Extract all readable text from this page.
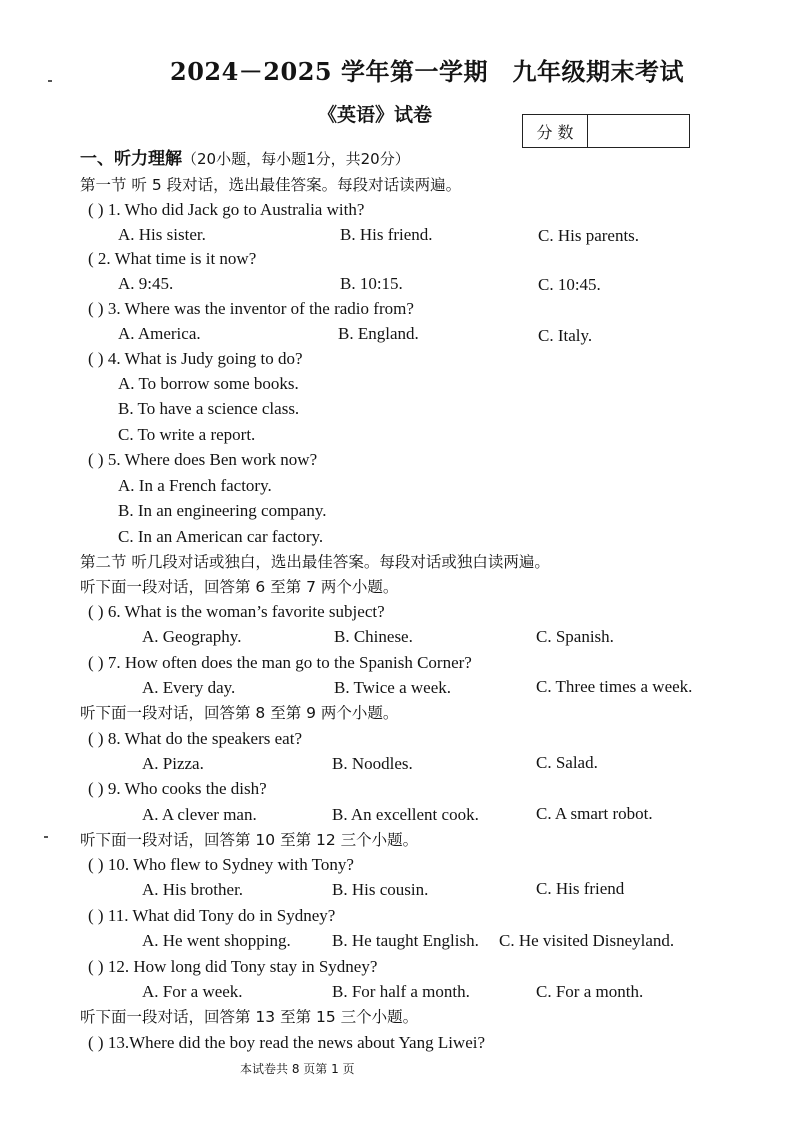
2024－2025 学年第一学期　九年级期末考试
《英语》试卷
分 数
一、听力理解（20小题，每小题1分，共20分）
第一节 听 5 段对话，选出最佳答案。每段对话读两遍。
( ) 1. Who did Jack go to Australia with?
A. His sister.	B. His friend.	C. His parents.
( 2. What time is it now?
A. 9:45.	B. 10:15.	C. 10:45.
( ) 3. Where was the inventor of the radio from?
A. America.	B. England.	C. Italy.
( ) 4. What is Judy going to do?
A. To borrow some books.
B. To have a science class.
C. To write a report.
( ) 5. Where does Ben work now?
A. In a French factory.
B. In an engineering company.
C. In an American car factory.
第二节 听几段对话或独白，选出最佳答案。每段对话或独白读两遍。
听下面一段对话，回答第 6 至第 7 两个小题。
( ) 6. What is the woman’s favorite subject?
A. Geography.	B. Chinese.	C. Spanish.
( ) 7. How often does the man go to the Spanish Corner?
A. Every day.	B. Twice a week.	C. Three times a week.
听下面一段对话，回答第 8 至第 9 两个小题。
( ) 8. What do the speakers eat?
A. Pizza.	B. Noodles.	C. Salad.
( ) 9. Who cooks the dish?
A. A clever man.	B. An excellent cook.	C. A smart robot.
听下面一段对话，回答第 10 至第 12 三个小题。
( ) 10. Who flew to Sydney with Tony?
A. His brother.	B. His cousin.	C. His friend
( ) 11. What did Tony do in Sydney?
A. He went shopping. B. He taught English. C. He visited Disneyland.
( ) 12. How long did Tony stay in Sydney?
A. For a week.	B. For half a month.	C. For a month.
听下面一段对话，回答第 13 至第 15 三个小题。
( ) 13.Where did the boy read the news about Yang Liwei?
本试卷共 8 页第 1 页
